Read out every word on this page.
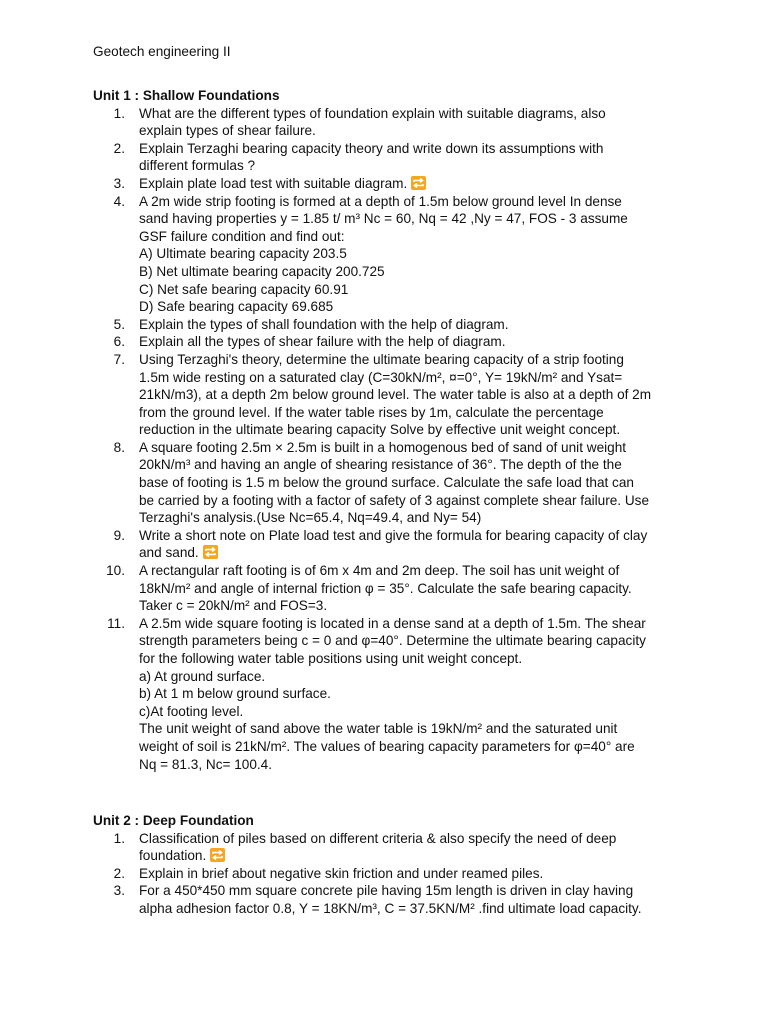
Geotech engineering II
Unit 1 : Shallow Foundations
1. What are the different types of foundation explain with suitable diagrams, also
explain types of shear failure.
2. Explain Terzaghi bearing capacity theory and write down its assumptions with
different formulas ?
3. Explain plate load test with suitable diagram.
4. A 2m wide strip footing is formed at a depth of 1.5m below ground level In dense
sand having properties y = 1.85 t/ m³ Nc = 60, Nq = 42 ,Ny = 47, FOS - 3 assume
GSF failure condition and find out:
A) Ultimate bearing capacity 203.5
B) Net ultimate bearing capacity 200.725
C) Net safe bearing capacity 60.91
D) Safe bearing capacity 69.685
5. Explain the types of shall foundation with the help of diagram.
6. Explain all the types of shear failure with the help of diagram.
7. Using Terzaghi's theory, determine the ultimate bearing capacity of a strip footing
1.5m wide resting on a saturated clay (C=30kN/m², ¤=0°, Y= 19kN/m² and Ysat=
21kN/m3), at a depth 2m below ground level. The water table is also at a depth of 2m
from the ground level. If the water table rises by 1m, calculate the percentage
reduction in the ultimate bearing capacity Solve by effective unit weight concept.
8. A square footing 2.5m × 2.5m is built in a homogenous bed of sand of unit weight
20kN/m³ and having an angle of shearing resistance of 36°. The depth of the the
base of footing is 1.5 m below the ground surface. Calculate the safe load that can
be carried by a footing with a factor of safety of 3 against complete shear failure. Use
Terzaghi's analysis.(Use Nc=65.4, Nq=49.4, and Ny= 54)
9. Write a short note on Plate load test and give the formula for bearing capacity of clay
and sand.
10. A rectangular raft footing is of 6m x 4m and 2m deep. The soil has unit weight of
18kN/m² and angle of internal friction φ = 35°. Calculate the safe bearing capacity.
Taker c = 20kN/m² and FOS=3.
11. A 2.5m wide square footing is located in a dense sand at a depth of 1.5m. The shear
strength parameters being c = 0 and φ=40°. Determine the ultimate bearing capacity
for the following water table positions using unit weight concept.
a) At ground surface.
b) At 1 m below ground surface.
c)At footing level.
The unit weight of sand above the water table is 19kN/m² and the saturated unit
weight of soil is 21kN/m². The values of bearing capacity parameters for φ=40° are
Nq = 81.3, Nc= 100.4.
Unit 2 : Deep Foundation
1. Classification of piles based on different criteria & also specify the need of deep
foundation.
2. Explain in brief about negative skin friction and under reamed piles.
3. For a 450*450 mm square concrete pile having 15m length is driven in clay having
alpha adhesion factor 0.8, Y = 18KN/m³, C = 37.5KN/M² .find ultimate load capacity.
